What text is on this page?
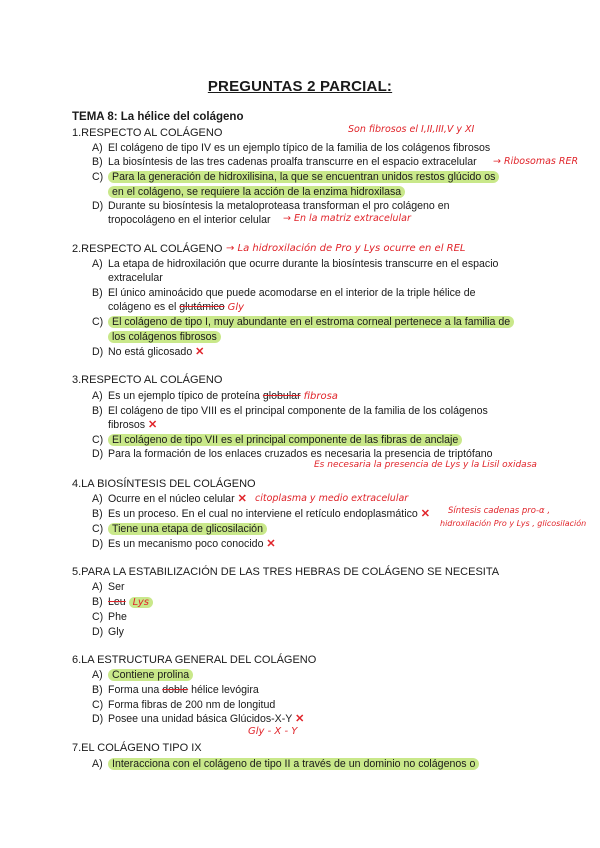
PREGUNTAS 2 PARCIAL:
TEMA 8: La hélice del colágeno
1.RESPECTO AL COLÁGENO	Son fibrosos el I,II,III,V y XI
A) El colágeno de tipo IV es un ejemplo típico de la familia de los colágenos fibrosos
B) La biosíntesis de las tres cadenas proalfa transcurre en el espacio extracelular → Ribosomas RER
C) Para la generación de hidroxilisina, la que se encuentran unidos restos glúcido os
en el colágeno, se requiere la acción de la enzima hidroxilasa
D) Durante su biosíntesis la metaloproteasa transforman el pro colágeno en
tropocolágeno en el interior celular → En la matriz extracelular
2.RESPECTO AL COLÁGENO → La hidroxilación de Pro y Lys ocurre en el REL
A) La etapa de hidroxilación que ocurre durante la biosíntesis transcurre en el espacio
extracelular
B) El único aminoácido que puede acomodarse en el interior de la triple hélice de
colágeno es el glutámico Gly
C) El colágeno de tipo I, muy abundante en el estroma corneal pertenece a la familia de
los colágenos fibrosos
D) No está glicosado ✕
3.RESPECTO AL COLÁGENO
A) Es un ejemplo típico de proteína globular fibrosa
B) El colágeno de tipo VIII es el principal componente de la familia de los colágenos
fibrosos ✕
C) El colágeno de tipo VII es el principal componente de las fibras de anclaje
D) Para la formación de los enlaces cruzados es necesaria la presencia de triptófano
Es necesaria la presencia de Lys y la Lisil oxidasa
4.LA BIOSÍNTESIS DEL COLÁGENO
A) Ocurre en el núcleo celular ✕ citoplasma y medio extracelular
B) Es un proceso. En el cual no interviene el retículo endoplasmático ✕ Síntesis cadenas pro-α ,
hidroxilación Pro y Lys , glicosilación
C) Tiene una etapa de glicosilación
D) Es un mecanismo poco conocido ✕
5.PARA LA ESTABILIZACIÓN DE LAS TRES HEBRAS DE COLÁGENO SE NECESITA
A) Ser
B) Leu Lys
C) Phe
D) Gly
6.LA ESTRUCTURA GENERAL DEL COLÁGENO
A) Contiene prolina
B) Forma una doble hélice levógira
C) Forma fibras de 200 nm de longitud
D) Posee una unidad básica Glúcidos-X-Y ✕
Gly - X - Y
7.EL COLÁGENO TIPO IX
A) Interacciona con el colágeno de tipo II a través de un dominio no colágenos o
